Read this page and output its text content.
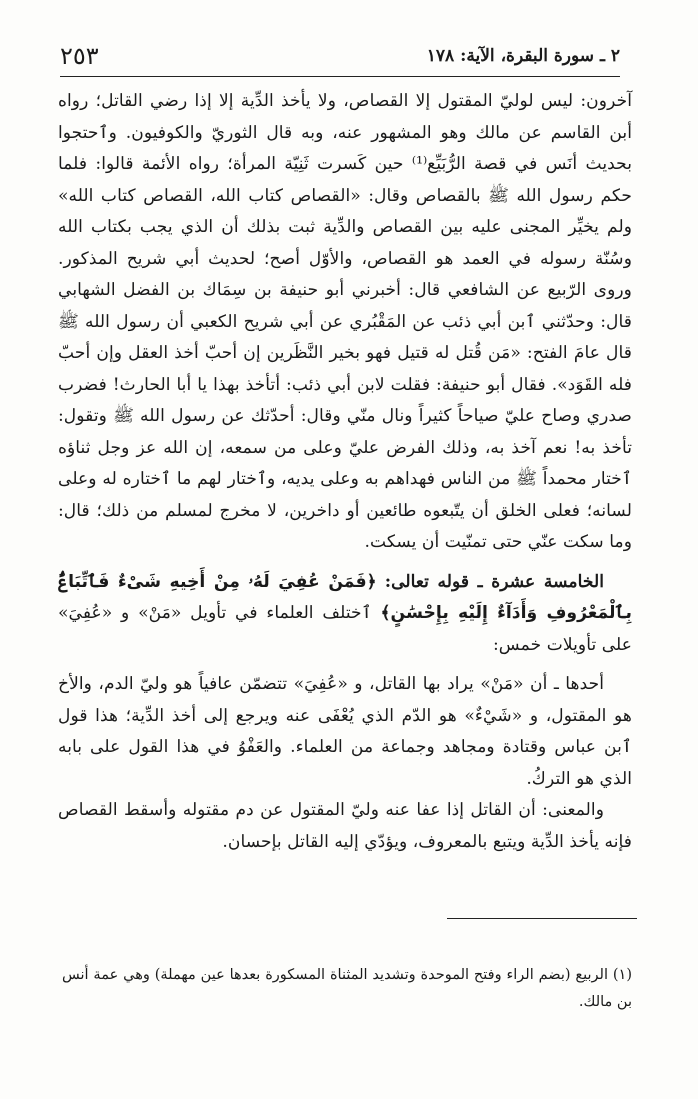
٢٥٣	٢ ـ سورة البقرة، الآية: ١٧٨

آخرون: ليس لوليّ المقتول إلا القصاص، ولا يأخذ الدِّية إلا إذا رضي القاتل؛ رواه أبن القاسم عن مالك وهو المشهور عنه، وبه قال الثوريّ والكوفيون. وٱحتجوا بحديث أنَس في قصة الرُّبَيِّع⁽¹⁾ حين كَسرت ثَنِيّة المرأة؛ رواه الأئمة قالوا: فلما حكم رسول الله ﷺ بالقصاص وقال: «القصاص كتاب الله، القصاص كتاب الله» ولم يخيِّر المجنى عليه بين القصاص والدِّية ثبت بذلك أن الذي يجب بكتاب الله وسُنّة رسوله في العمد هو القصاص، والأوّل أصح؛ لحديث أبي شريح المذكور. وروى الرّبيع عن الشافعي قال: أخبرني أبو حنيفة بن سِمَاك بن الفضل الشهابي قال: وحدّثني ٱبن أبي ذئب عن المَقْبُري عن أبي شريح الكعبي أن رسول الله ﷺ قال عامَ الفتح: «مَن قُتل له قتيل فهو بخير النَّظَرين إن أحبّ أخذ العقل وإن أحبّ فله القَوَد». فقال أبو حنيفة: فقلت لابن أبي ذئب: أتأخذ بهذا يا أبا الحارث! فضرب صدري وصاح عليّ صياحاً كثيراً ونال منّي وقال: أحدّثك عن رسول الله ﷺ وتقول: تأخذ به! نعم آخذ به، وذلك الفرض عليّ وعلى من سمعه، إن الله عز وجل ثناؤه ٱختار محمداً ﷺ من الناس فهداهم به وعلى يديه، وٱختار لهم ما ٱختاره له وعلى لسانه؛ فعلى الخلق أن يتّبعوه طائعين أو داخرين، لا مخرج لمسلم من ذلك؛ قال: وما سكت عنّي حتى تمنّيت أن يسكت.

الخامسة عشرة ـ قوله تعالى: ﴿فَمَنْ عُفِيَ لَهُۥ مِنْ أَخِيهِ شَىْءٌ فَٱتِّبَاعٌۢ بِٱلْمَعْرُوفِ وَأَدَآءٌ إِلَيْهِ بِإِحْسَٰنٍ﴾ ٱختلف العلماء في تأويل «مَنْ» و «عُفِيَ» على تأويلات خمس:

أحدها ـ أن «مَنْ» يراد بها القاتل، و «عُفِيَ» تتضمّن عافياً هو وليّ الدم، والأخ هو المقتول، و «شَيْءٌ» هو الدّم الذي يُعْفَى عنه ويرجع إلى أخذ الدِّية؛ هذا قول ٱبن عباس وقتادة ومجاهد وجماعة من العلماء. والعَفْوُ في هذا القول على بابه الذي هو التركُ.

والمعنى: أن القاتل إذا عفا عنه وليّ المقتول عن دم مقتوله وأسقط القصاص فإنه يأخذ الدِّية ويتبع بالمعروف، ويؤدّي إليه القاتل بإحسان.

(١) الربيع (بضم الراء وفتح الموحدة وتشديد المثناة المسكورة بعدها عين مهملة) وهي عمة أنس بن مالك.
